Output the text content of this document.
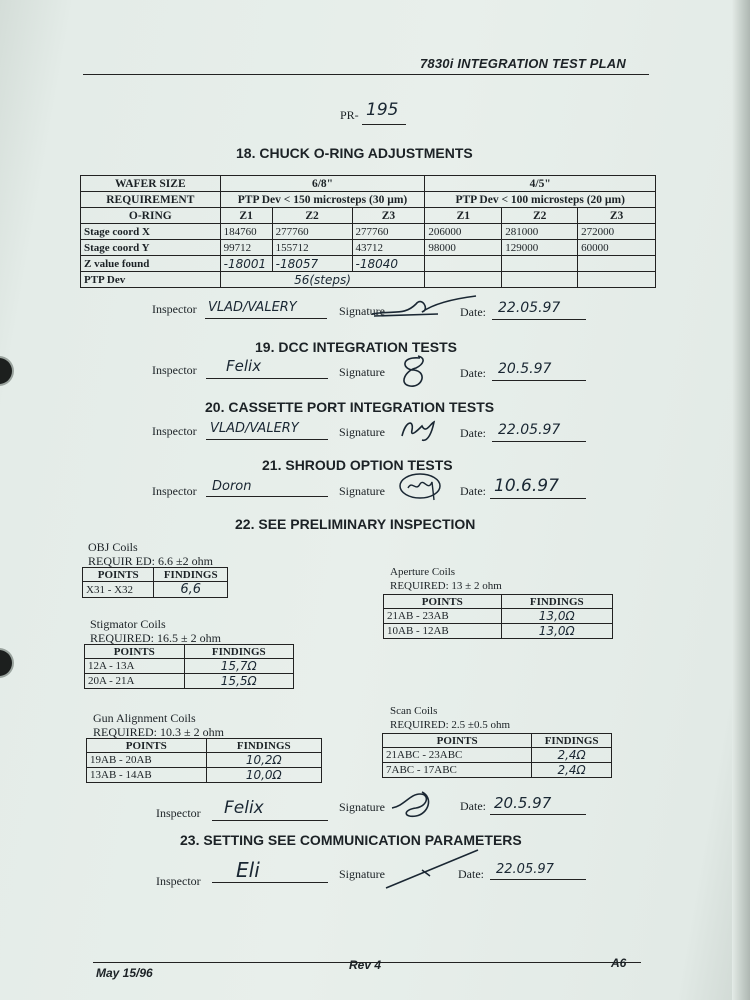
7830i INTEGRATION TEST PLAN
PR- 195
18. CHUCK O-RING ADJUSTMENTS
WAFER SIZE	6/8"			4/5"		
REQUIREMENT	PTP Dev < 150 microsteps (30 µm)			PTP Dev < 100 microsteps (20 µm)		
O-RING	Z1	Z2	Z3	Z1	Z2	Z3
Stage coord X	184760	277760	277760	206000	281000	272000
Stage coord Y	99712	155712	43712	98000	129000	60000
Z value found	-18001	-18057	-18040			
PTP Dev	56(steps)					
Inspector VLAD/VALERY	Signature	Date: 22.05.97
19. DCC INTEGRATION TESTS
Inspector Felix	Signature	Date: 20.5.97
20. CASSETTE PORT INTEGRATION TESTS
Inspector VLAD/VALERY	Signature	Date: 22.05.97
21. SHROUD OPTION TESTS
Inspector Doron	Signature	Date: 10.6.97
22. SEE PRELIMINARY INSPECTION
OBJ Coils
REQUIR ED: 6.6 ±2 ohm
POINTS	FINDINGS
X31 - X32	6,6
Aperture Coils
REQUIRED: 13 ± 2 ohm
POINTS	FINDINGS
21AB - 23AB	13,0Ω
10AB - 12AB	13,0Ω
Stigmator Coils
REQUIRED: 16.5 ± 2 ohm
POINTS	FINDINGS
12A - 13A	15,7Ω
20A - 21A	15,5Ω
Scan Coils
REQUIRED: 2.5 ±0.5 ohm
POINTS	FINDINGS
21ABC - 23ABC	2,4Ω
7ABC - 17ABC	2,4Ω
Gun Alignment Coils
REQUIRED: 10.3 ± 2 ohm
POINTS	FINDINGS
19AB - 20AB	10,2Ω
13AB - 14AB	10,0Ω
Inspector Felix	Signature	Date: 20.5.97
23. SETTING SEE COMMUNICATION PARAMETERS
Inspector Eli	Signature	Date: 22.05.97
May 15/96
Rev 4	A6
